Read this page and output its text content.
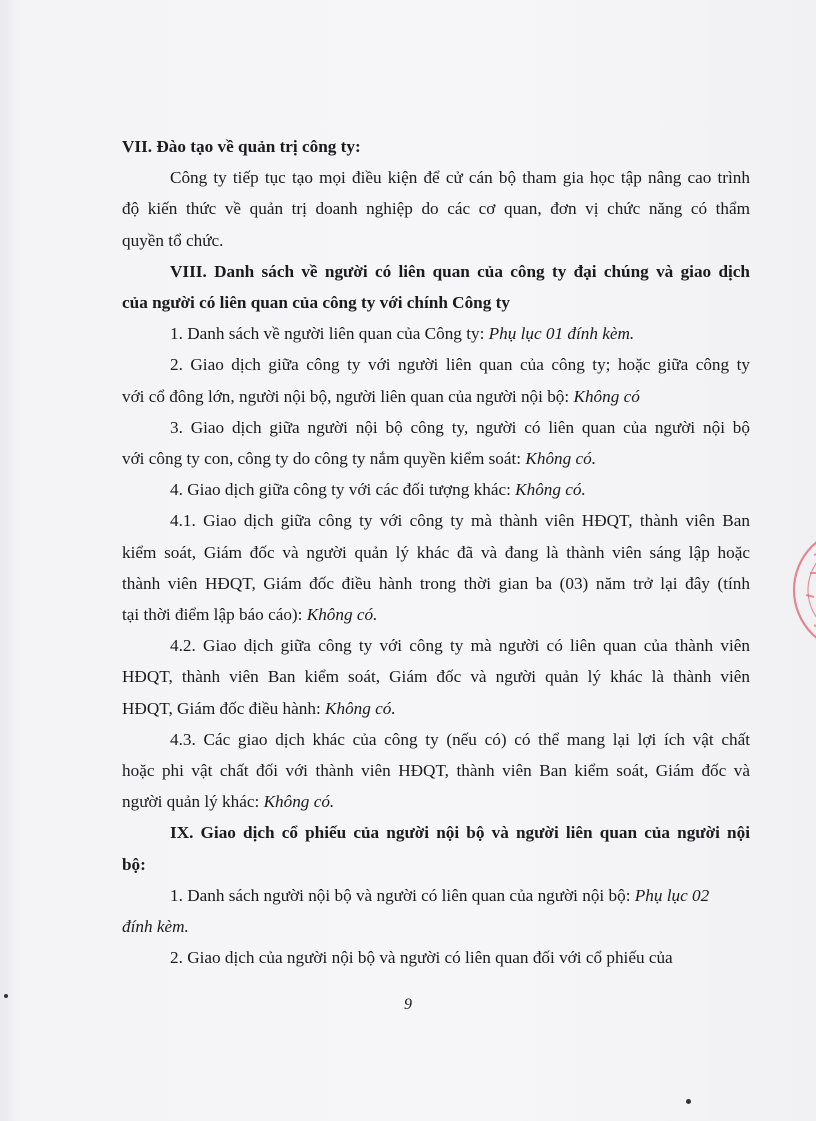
VII. Đào tạo về quản trị công ty:

Công ty tiếp tục tạo mọi điều kiện để cử cán bộ tham gia học tập nâng cao trình

độ kiến thức về quản trị doanh nghiệp do các cơ quan, đơn vị chức năng có thẩm

quyền tổ chức.

VIII. Danh sách về người có liên quan của công ty đại chúng và giao dịch

của người có liên quan của công ty với chính Công ty

1. Danh sách về người liên quan của Công ty: Phụ lục 01 đính kèm.

2. Giao dịch giữa công ty với người liên quan của công ty; hoặc giữa công ty

với cổ đông lớn, người nội bộ, người liên quan của người nội bộ: Không có

3. Giao dịch giữa người nội bộ công ty, người có liên quan của người nội bộ

với công ty con, công ty do công ty nắm quyền kiểm soát: Không có.

4. Giao dịch giữa công ty với các đối tượng khác: Không có.

4.1. Giao dịch giữa công ty với công ty mà thành viên HĐQT, thành viên Ban

kiểm soát, Giám đốc và người quản lý khác đã và đang là thành viên sáng lập hoặc

thành viên HĐQT, Giám đốc điều hành trong thời gian ba (03) năm trở lại đây (tính

tại thời điểm lập báo cáo): Không có.

4.2. Giao dịch giữa công ty với công ty mà người có liên quan của thành viên

HĐQT, thành viên Ban kiểm soát, Giám đốc và người quản lý khác là thành viên

HĐQT, Giám đốc điều hành: Không có.

4.3. Các giao dịch khác của công ty (nếu có) có thể mang lại lợi ích vật chất

hoặc phi vật chất đối với thành viên HĐQT, thành viên Ban kiểm soát, Giám đốc và

người quản lý khác: Không có.

IX. Giao dịch cổ phiếu của người nội bộ và người liên quan của người nội

bộ:

1. Danh sách người nội bộ và người có liên quan của người nội bộ: Phụ lục 02

đính kèm.

2. Giao dịch của người nội bộ và người có liên quan đối với cổ phiếu của

9
